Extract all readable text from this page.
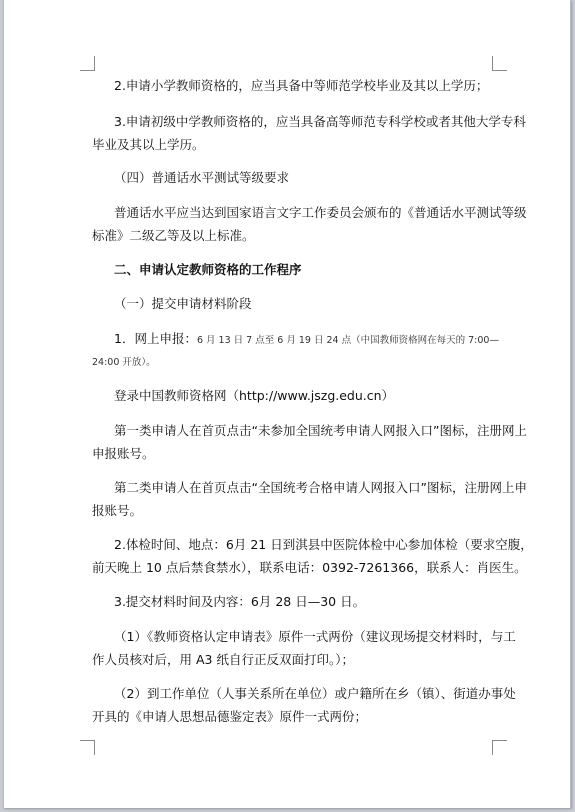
2.申请小学教师资格的，应当具备中等师范学校毕业及其以上学历；

3.申请初级中学教师资格的，应当具备高等师范专科学校或者其他大学专科

毕业及其以上学历。

（四）普通话水平测试等级要求

普通话水平应当达到国家语言文字工作委员会颁布的《普通话水平测试等级

标准》二级乙等及以上标准。

二、申请认定教师资格的工作程序

（一）提交申请材料阶段

1．网上申报：6 月 13 日 7 点至 6 月 19 日 24 点（中国教师资格网在每天的 7:00—

24:00 开放）。

登录中国教师资格网（http://www.jszg.edu.cn）

第一类申请人在首页点击“未参加全国统考申请人网报入口”图标，注册网上

申报账号。

第二类申请人在首页点击“全国统考合格申请人网报入口”图标，注册网上申

报账号。

2.体检时间、地点：6月 21 日到淇县中医院体检中心参加体检（要求空腹，

前天晚上 10 点后禁食禁水），联系电话：0392-7261366，联系人：肖医生。

3.提交材料时间及内容：6月 28 日—30 日。

（1）《教师资格认定申请表》原件一式两份（建议现场提交材料时，与工

作人员核对后，用 A3 纸自行正反双面打印。）；

（2）到工作单位（人事关系所在单位）或户籍所在乡（镇）、街道办事处

开具的《申请人思想品德鉴定表》原件一式两份；
